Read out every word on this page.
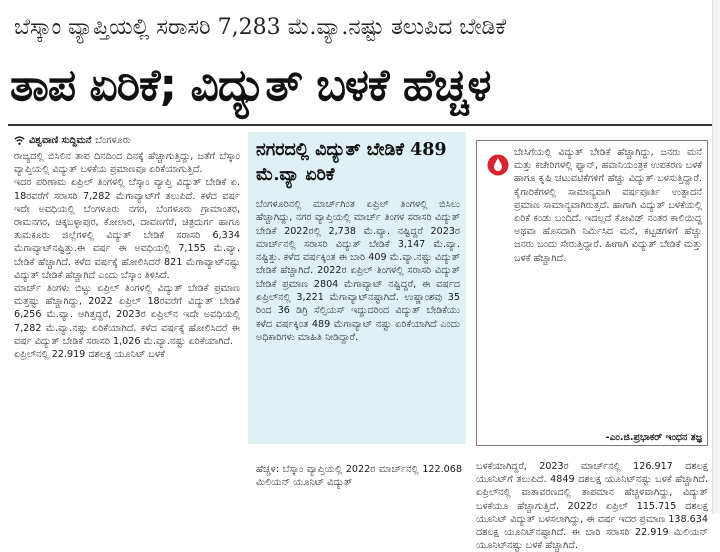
ಬೆಸ್ಕಾಂ ವ್ಯಾಪ್ತಿಯಲ್ಲಿ ಸರಾಸರಿ 7,283 ಮೆ.ವ್ಯಾ.ನಷ್ಟು ತಲುಪಿದ ಬೇಡಿಕೆ
ತಾಪ ಏರಿಕೆ; ವಿದ್ಯುತ್ ಬಳಕೆ ಹೆಚ್ಚಳ
ವಿಶ್ವವಾಣಿ ಸುದ್ದಿಮನೆ ಬೆಂಗಳೂರು

ರಾಜ್ಯದಲ್ಲಿ ಬಿಸಿಲಿನ ತಾಪ ದಿನದಿಂದ ದಿನಕ್ಕೆ ಹೆಚ್ಚಾಗುತ್ತಿದ್ದು, ಜತೆಗೆ ಬೆಸ್ಕಾಂ ವ್ಯಾಪ್ತಿಯಲ್ಲಿ ವಿದ್ಯುತ್ ಬಳಕೆಯ ಪ್ರಮಾಣವೂ ಏರಿಕೆಯಾಗುತ್ತಿದೆ.

ಇದರ ಪರಿಣಾಮ ಏಪ್ರಿಲ್ ತಿಂಗಳಲ್ಲಿ ಬೆಸ್ಕಾಂ ವ್ಯಾಪ್ತಿ ವಿದ್ಯುತ್ ಬೇಡಿಕೆ ಏ. 18ರವರೆಗೆ ಸರಾಸರಿ 7,282 ಮೆಗಾವ್ಯಾಟ್‌ಗೆ ತಲುಪಿದೆ. ಕಳೆದ ವರ್ಷ ಇದೇ ಅವಧಿಯಲ್ಲಿ ಬೆಂಗಳೂರು ನಗರ, ಬೆಂಗಳೂರು ಗ್ರಾಮಾಂತರ, ರಾಮನಗರ, ಚಿಕ್ಕಬಳ್ಳಾಪುರ, ಕೋಲಾರ, ದಾವಣಗೆರೆ, ಚಿತ್ರದುರ್ಗ ಹಾಗೂ ತುಮಕೂರು ಜಿಲ್ಲೆಗಳಲ್ಲಿ ವಿದ್ಯುತ್ ಬೇಡಿಕೆ ಸರಾಸರಿ 6,334 ಮೆಗಾವ್ಯಾಟ್‌ನಷ್ಟಿತ್ತು.ಈ ವರ್ಷ ಈ ಅವಧಿಯಲ್ಲಿ 7,155 ಮೆ.ವ್ಯಾ. ಬೇಡಿಕೆ ಹೆಚ್ಚಾಗಿದೆ. ಕಳೆದ ವರ್ಷಕ್ಕೆ ಹೋಲಿಸಿದರೆ 821 ಮೆಗಾವ್ಯಾಟ್‌ನಷ್ಟು ವಿದ್ಯುತ್ ಬೇಡಿಕೆ ಹೆಚ್ಚಾಗಿದೆ ಎಂದು ಬೆಸ್ಕಾಂ ತಿಳಿಸಿದೆ.

ಮಾರ್ಚ್ ತಿಂಗಳು ಬಿಟ್ಟು ಏಪ್ರಿಲ್ ತಿಂಗಳಲ್ಲಿ ವಿದ್ಯುತ್ ಬೇಡಿಕೆ ಪ್ರಮಾಣ ಮತ್ತಷ್ಟು ಹೆಚ್ಚಾಗಿದ್ದು, 2022 ಏಪ್ರಿಲ್ 18ರವರೆಗೆ ವಿದ್ಯುತ್ ಬೇಡಿಕೆ 6,256 ಮೆ.ವ್ಯಾ. ಆಗಿತ್ತದ್ದರೆ, 2023ರ ಏಪ್ರಿಲ್‌ನ ಇದೇ ಅವಧಿಯಲ್ಲಿ 7,282 ಮೆ.ವ್ಯಾ.ನಷ್ಟು ಏರಿಕೆಯಾಗಿದೆ. ಕಳೆದ ವರ್ಷಕ್ಕೆ ಹೋಲಿಸಿದರೆ ಈ ವರ್ಷ ವಿದ್ಯುತ್ ಬೇಡಿಕೆ ಸರಾಸರಿ 1,026 ಮೆ.ವ್ಯಾ.ನಷ್ಟು ಏರಿಕೆಯಾಗಿದೆ.

ಏಪ್ರಿಲ್‌ನಲ್ಲಿ 22.919 ದಶಲಕ್ಷ ಯೂನಿಟ್ ಬಳಕೆ

ನಗರದಲ್ಲಿ ವಿದ್ಯುತ್ ಬೇಡಿಕೆ 489 ಮೆ.ವ್ಯಾ ಏರಿಕೆ
ಬೆಂಗಳೂರಿನಲ್ಲಿ ಮಾರ್ಚ್‌ಗಿಂತ ಏಪ್ರಿಲ್ ತಿಂಗಳಲ್ಲಿ ಬಿಸಿಲು ಹೆಚ್ಚಾಗಿದ್ದು, ನಗರ ವ್ಯಾಪ್ತಿಯಲ್ಲಿ ಮಾರ್ಚ್ ತಿಂಗಳ ಸರಾಸರಿ ವಿದ್ಯುತ್ ಬೇಡಿಕೆ 2022ರಲ್ಲಿ 2,738 ಮೆ.ವ್ಯಾ. ನಷ್ಟಿದ್ದರೆ 2023ರ ಮಾರ್ಚ್‌ನಲ್ಲಿ ಸರಾಸರಿ ವಿದ್ಯುತ್ ಬೇಡಿಕೆ 3,147 ಮೆ.ವ್ಯಾ. ನಷ್ಟಿತ್ತು. ಕಳೆದ ವರ್ಷಕ್ಕಿಂತ ಈ ಬಾರಿ 409 ಮೆ.ವ್ಯಾ.ನಷ್ಟು ವಿದ್ಯುತ್ ಬೇಡಿಕೆ ಹೆಚ್ಚಾಗಿದೆ. 2022ರ ಏಪ್ರಿಲ್ ತಿಂಗಳಲ್ಲಿ ಸರಾಸರಿ ವಿದ್ಯುತ್ ಬೇಡಿಕೆ ಪ್ರಮಾಣ 2804 ಮೆಗಾವ್ಯಾಟ್ ನಷ್ಟಿದ್ದರೆ, ಈ ವರ್ಷದ ಏಪ್ರಿಲ್‌ನಲ್ಲಿ 3,221 ಮೆಗಾವ್ಯಾಟ್‌ನಷ್ಟಾಗಿದೆ. ಉಷ್ಣಾಂಶವು 35 ರಿಂದ 36 ಡಿಗ್ರಿ ಸೆಲ್ಸಿಯಸ್ ಇದ್ದುದರಿಂದ ವಿದ್ಯುತ್ ಬೇಡಿಕೆಯು ಕಳೆದ ವರ್ಷಕ್ಕಿಂತ 489 ಮೆಗಾವ್ಯಾಟ್ ನಷ್ಟು ಏರಿಕೆಯಾಗಿದೆ ಎಂದು ಅಧಿಕಾರಿಗಳು ಮಾಹಿತಿ ನೀಡಿದ್ದಾರೆ.
ಹೆಚ್ಚಳ: ಬೆಸ್ಕಾಂ ವ್ಯಾಪ್ತಿಯಲ್ಲಿ 2022ರ ಮಾರ್ಚ್‌ನಲ್ಲಿ 122.068 ಮಿಲಿಯನ್ ಯೂನಿಟ್ ವಿದ್ಯುತ್
ಬೇಸಿಗೆಯಲ್ಲಿ ವಿದ್ಯುತ್ ಬೇಡಿಕೆ ಹೆಚ್ಚಾಗಿದ್ದು, ಜನರು ಮನೆ ಮತ್ತು ಕಚೇರಿಗಳಲ್ಲಿ ಫ್ಯಾನ್, ಹವಾನಿಯಂತ್ರಕ ಉಪಕರಣ ಬಳಕೆ ಹಾಗೂ ಕೃಷಿ ಚಟುವಟಿಕೆಗಳಿಗೆ ಹೆಚ್ಚು ವಿದ್ಯುತ್ ಬಳಸುತ್ತಿದ್ದಾರೆ. ಕೈಗಾರಿಕೆಗಳಲ್ಲಿ ಸಾಮಾನ್ಯವಾಗಿ ವರ್ಷಪೂರ್ತಿ ಉತ್ಪಾದನೆ ಪ್ರಮಾಣ ಸಾಮಾನ್ಯವಾಗಿರುತ್ತದೆ. ಹಾಗಾಗಿ ವಿದ್ಯುತ್ ಬಳಕೆಯಲ್ಲಿ ಏರಿಕೆ ಕಂಡು ಬಂದಿದೆ. ಇದಲ್ಲದೆ ಕೋವಿಡ್ ನಂತರ ಕಾಲಿಯಿದ್ದ ಅಥವಾ ಹೊಸದಾಗಿ ನಿರ್ಮಿಸಿದ ಮನೆ, ಕಟ್ಟಡಗಳಿಗೆ ಹೆಚ್ಚು ಜನರು ಬಂದು ಸೇರುತ್ತಿದ್ದಾರೆ. ಹೀಗಾಗಿ ವಿದ್ಯುತ್ ಬೇಡಿಕೆ ಮತ್ತು ಬಳಕೆ ಹೆಚ್ಚಾಗಿದೆ.
-ಎಂ.ಜಿ.ಪ್ರಭಾಕರ್ ಇಂಧನ ತಜ್ಞ
ಬಳಕೆಯಾಗಿದ್ದರೆ, 2023ರ ಮಾರ್ಚ್‌ನಲ್ಲಿ 126.917 ದಶಲಕ್ಷ ಯೂನಿಟ್‌ಗೆ ತಲುಪಿದೆ. 4849 ದಶಲಕ್ಷ ಯೂನಿಟ್‌ನಷ್ಟು ಬಳಕೆ ಹೆಚ್ಚಾಗಿದೆ. ಏಪ್ರಿಲ್‌ನಲ್ಲಿ ವಾತಾವರಣದಲ್ಲಿ ತಾಪಮಾನ ಹೆಚ್ಚಳವಾಗಿದ್ದು, ವಿದ್ಯುತ್ ಬಳಕೆಯೂ ಹೆಚ್ಚಾಗುತ್ತಿದೆ. 2022ರ ಏಪ್ರಿಲ್ 115.715 ದಶಲಕ್ಷ ಯೂನಿಟ್ ವಿದ್ಯುತ್ ಬಳಸಲಾಗಿದ್ದು, ಈ ವರ್ಷ ಇದರ ಪ್ರಮಾಣ 138.634 ದಶಲಕ್ಷ ಯೂನಿಟ್‌ನಷ್ಟಾಗಿದೆ. ಈ ಬಾರಿ ಸರಾಸರಿ 22.919 ಮಿಲಿಯನ್ ಯೂನಿಟ್‌ನಷ್ಟು ಬಳಕೆ ಹೆಚ್ಚಾಗಿದೆ.
